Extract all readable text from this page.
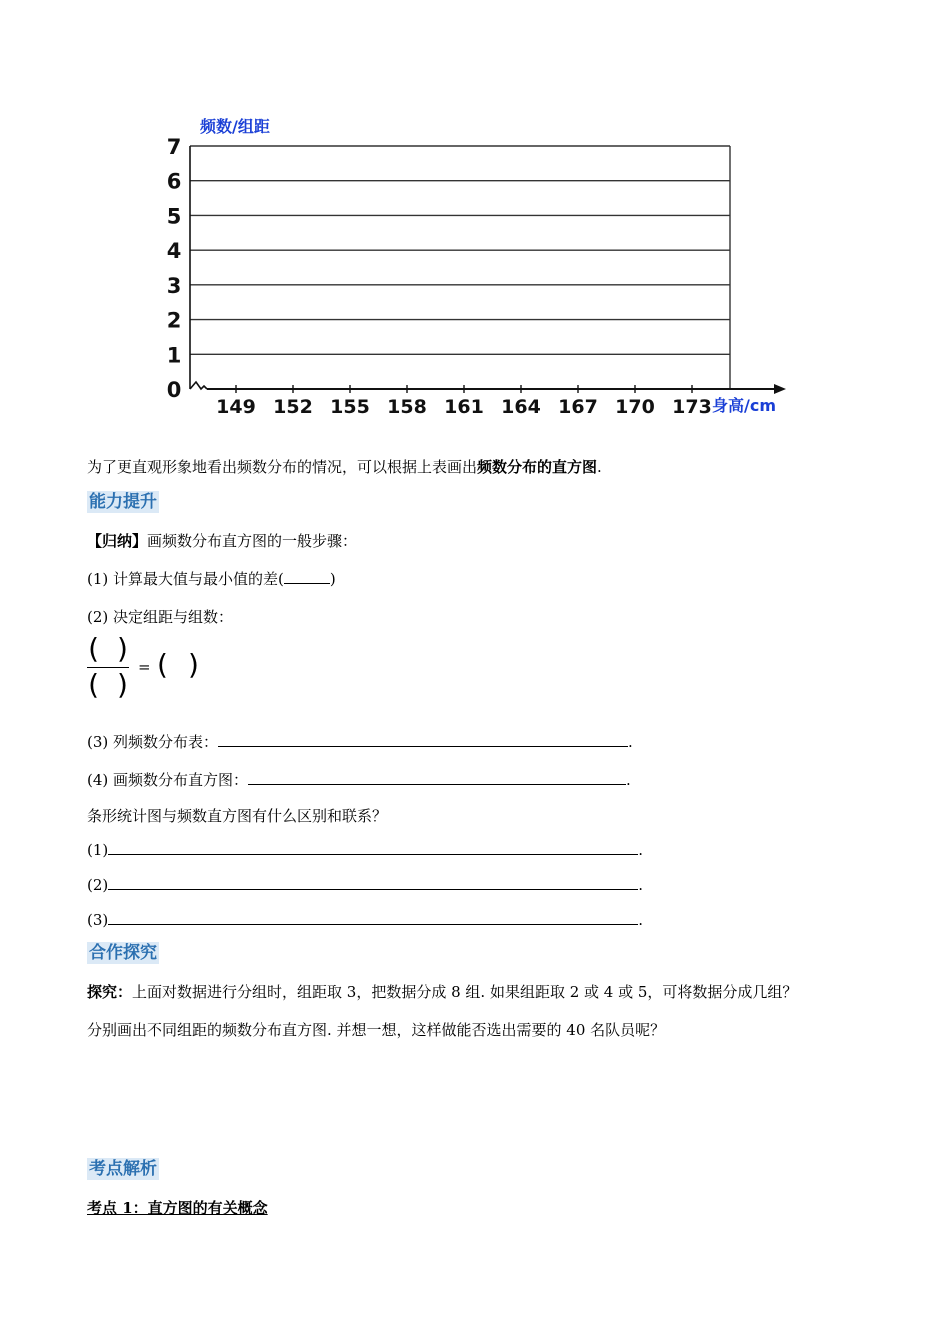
0
1
2
3
4
5
6
7
149 152 155 158 161 164 167 170 173
频数/组距
身高/cm
为了更直观形象地看出频数分布的情况，可以根据上表画出频数分布的直方图.
能力提升
【归纳】画频数分布直方图的一般步骤：
(1) 计算最大值与最小值的差(	)
(2) 决定组距与组数：
( )
( )
= ( )
(3) 列频数分布表：	.
(4) 画频数分布直方图：	.
条形统计图与频数直方图有什么区别和联系？
(1)	.
(2)	.
(3)	.
合作探究
探究：上面对数据进行分组时，组距取 3，把数据分成 8 组. 如果组距取 2 或 4 或 5，可将数据分成几组？
分别画出不同组距的频数分布直方图. 并想一想，这样做能否选出需要的 40 名队员呢？
考点解析
考点 1：直方图的有关概念
